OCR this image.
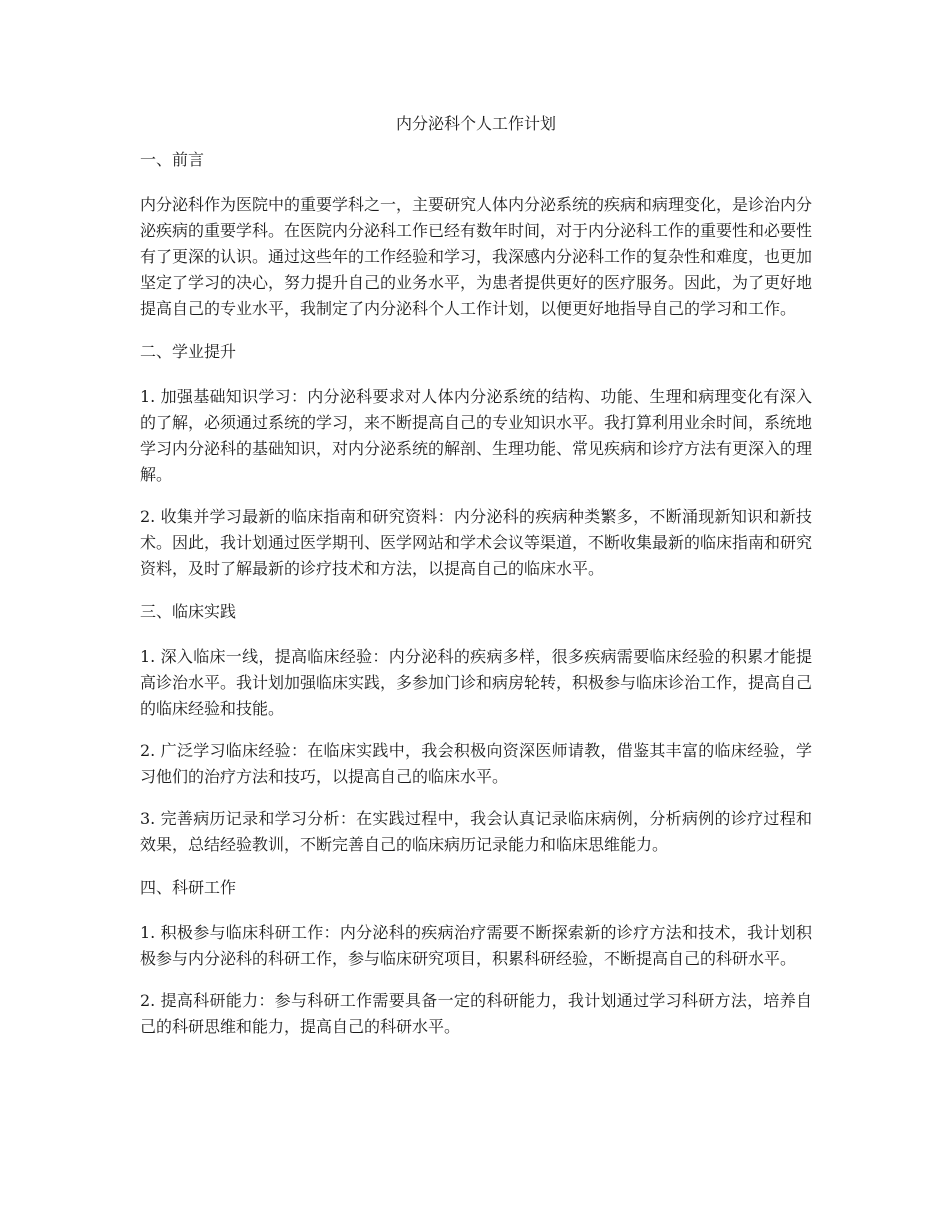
内分泌科个人工作计划
一、前言

内分泌科作为医院中的重要学科之一，主要研究人体内分泌系统的疾病和病理变化，是诊治内分泌疾病的重要学科。在医院内分泌科工作已经有数年时间，对于内分泌科工作的重要性和必要性有了更深的认识。通过这些年的工作经验和学习，我深感内分泌科工作的复杂性和难度，也更加坚定了学习的决心，努力提升自己的业务水平，为患者提供更好的医疗服务。因此，为了更好地提高自己的专业水平，我制定了内分泌科个人工作计划，以便更好地指导自己的学习和工作。

二、学业提升

1. 加强基础知识学习：内分泌科要求对人体内分泌系统的结构、功能、生理和病理变化有深入的了解，必须通过系统的学习，来不断提高自己的专业知识水平。我打算利用业余时间，系统地学习内分泌科的基础知识，对内分泌系统的解剖、生理功能、常见疾病和诊疗方法有更深入的理解。

2. 收集并学习最新的临床指南和研究资料：内分泌科的疾病种类繁多，不断涌现新知识和新技术。因此，我计划通过医学期刊、医学网站和学术会议等渠道，不断收集最新的临床指南和研究资料，及时了解最新的诊疗技术和方法，以提高自己的临床水平。

三、临床实践

1. 深入临床一线，提高临床经验：内分泌科的疾病多样，很多疾病需要临床经验的积累才能提高诊治水平。我计划加强临床实践，多参加门诊和病房轮转，积极参与临床诊治工作，提高自己的临床经验和技能。

2. 广泛学习临床经验：在临床实践中，我会积极向资深医师请教，借鉴其丰富的临床经验，学习他们的治疗方法和技巧，以提高自己的临床水平。

3. 完善病历记录和学习分析：在实践过程中，我会认真记录临床病例，分析病例的诊疗过程和效果，总结经验教训，不断完善自己的临床病历记录能力和临床思维能力。

四、科研工作

1. 积极参与临床科研工作：内分泌科的疾病治疗需要不断探索新的诊疗方法和技术，我计划积极参与内分泌科的科研工作，参与临床研究项目，积累科研经验，不断提高自己的科研水平。

2. 提高科研能力：参与科研工作需要具备一定的科研能力，我计划通过学习科研方法，培养自己的科研思维和能力，提高自己的科研水平。
